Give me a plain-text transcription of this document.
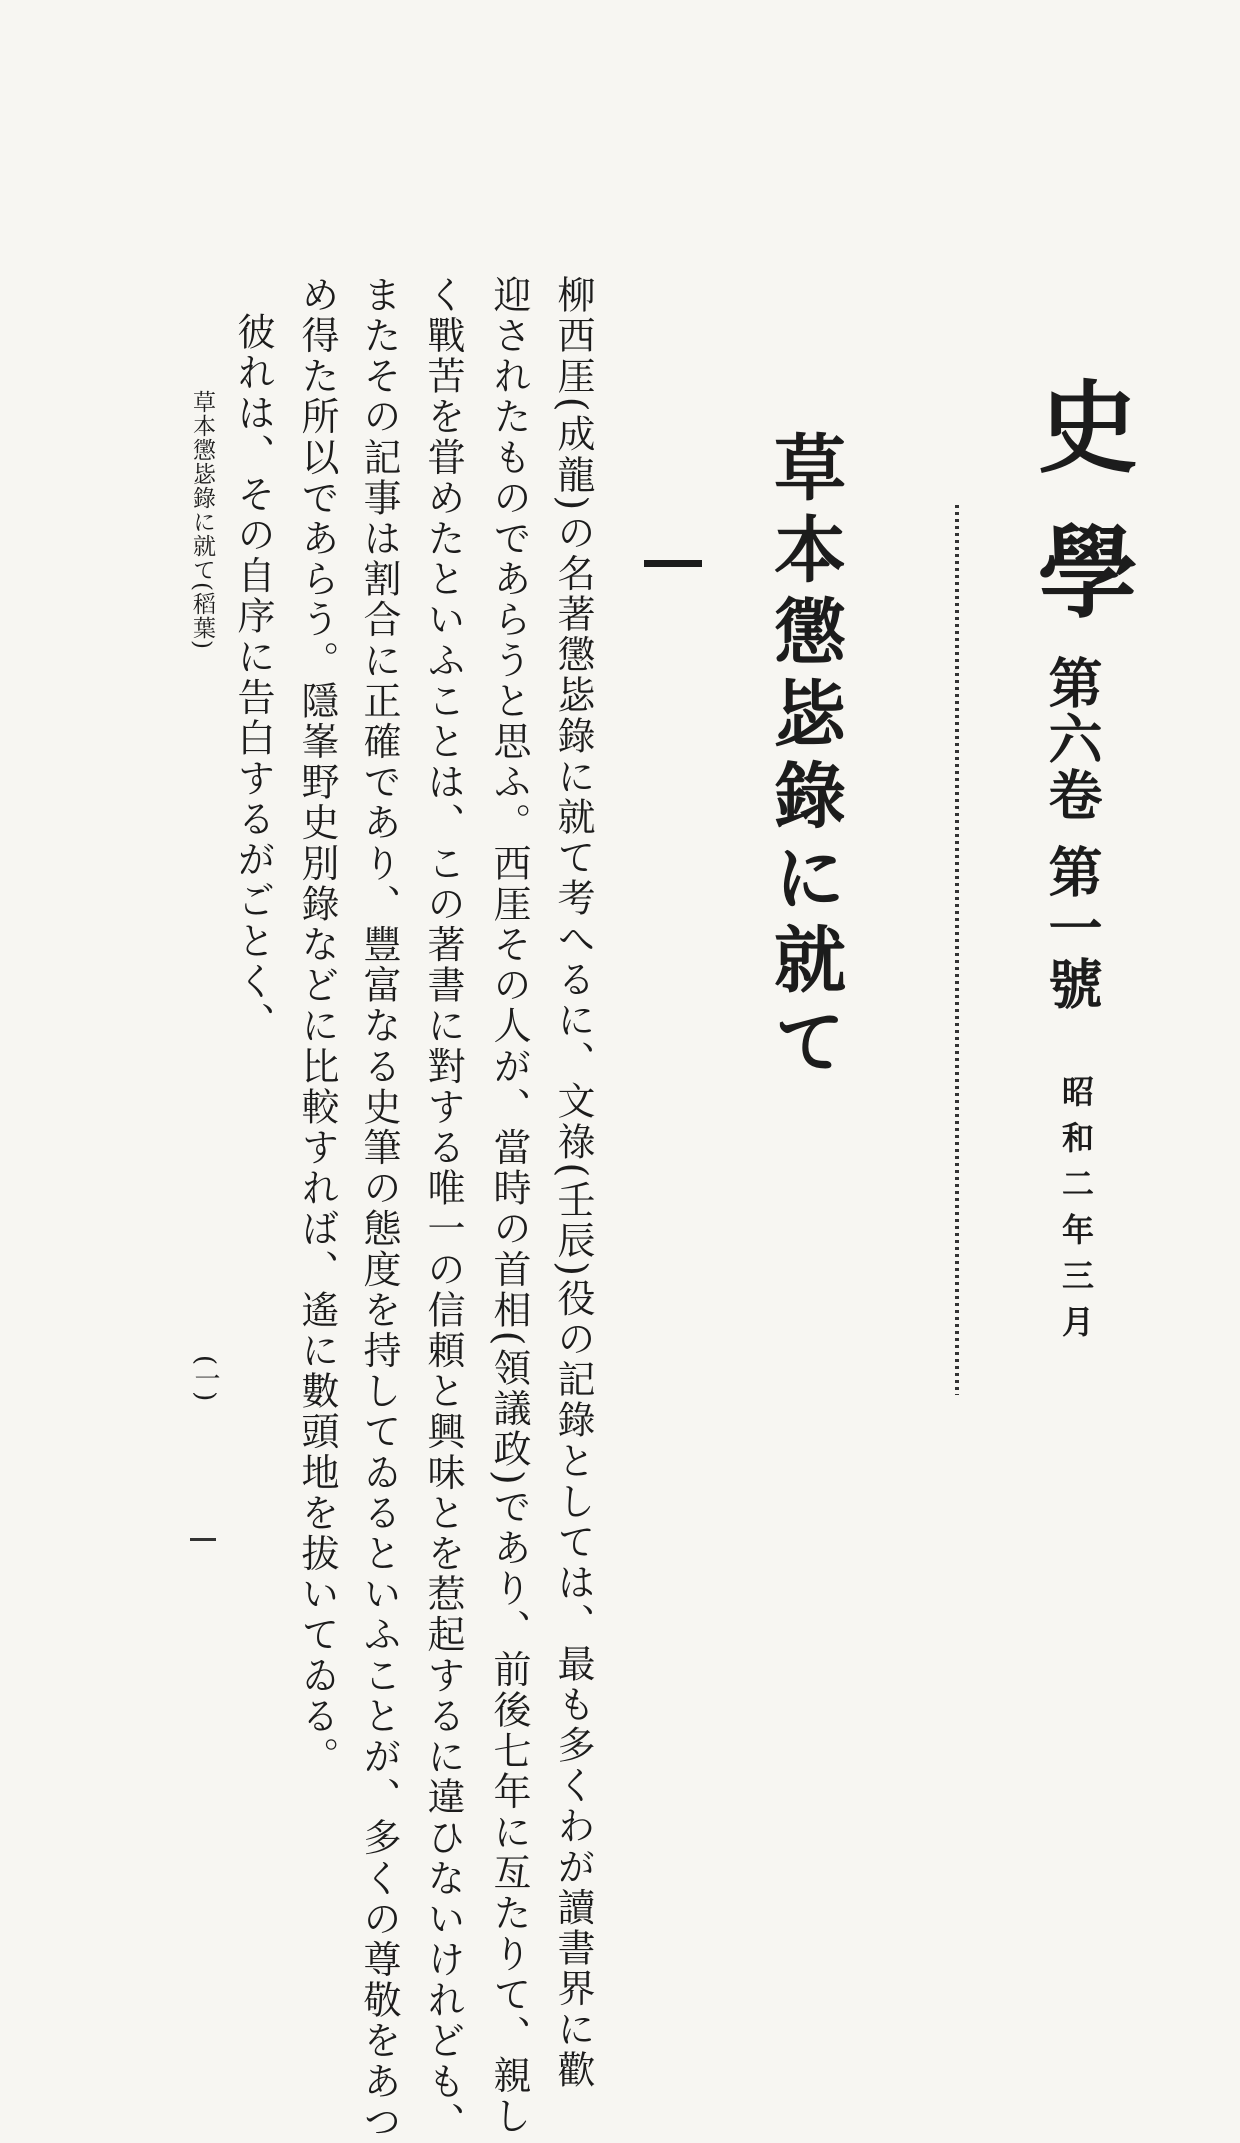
史學
第六卷 第一號
昭和二年三月
草本懲毖錄に就て
柳西厓(成龍)の名著懲毖錄に就て考へるに、文祿(壬辰)役の記錄としては、最も多くわが讀書界に歡
迎されたものであらうと思ふ。西厓その人が、當時の首相(領議政)であり、前後七年に亙たりて、親し
く戰苦を甞めたといふことは、この著書に對する唯一の信頼と興味とを惹起するに違ひないけれども、
またその記事は割合に正確であり、豐富なる史筆の態度を持してゐるといふことが、多くの尊敬をあつ
め得た所以であらう。隱峯野史別錄などに比較すれば、遙に數頭地を拔いてゐる。
彼れは、その自序に告白するがごとく、
草本懲毖錄に就て(稻葉)
(一)
